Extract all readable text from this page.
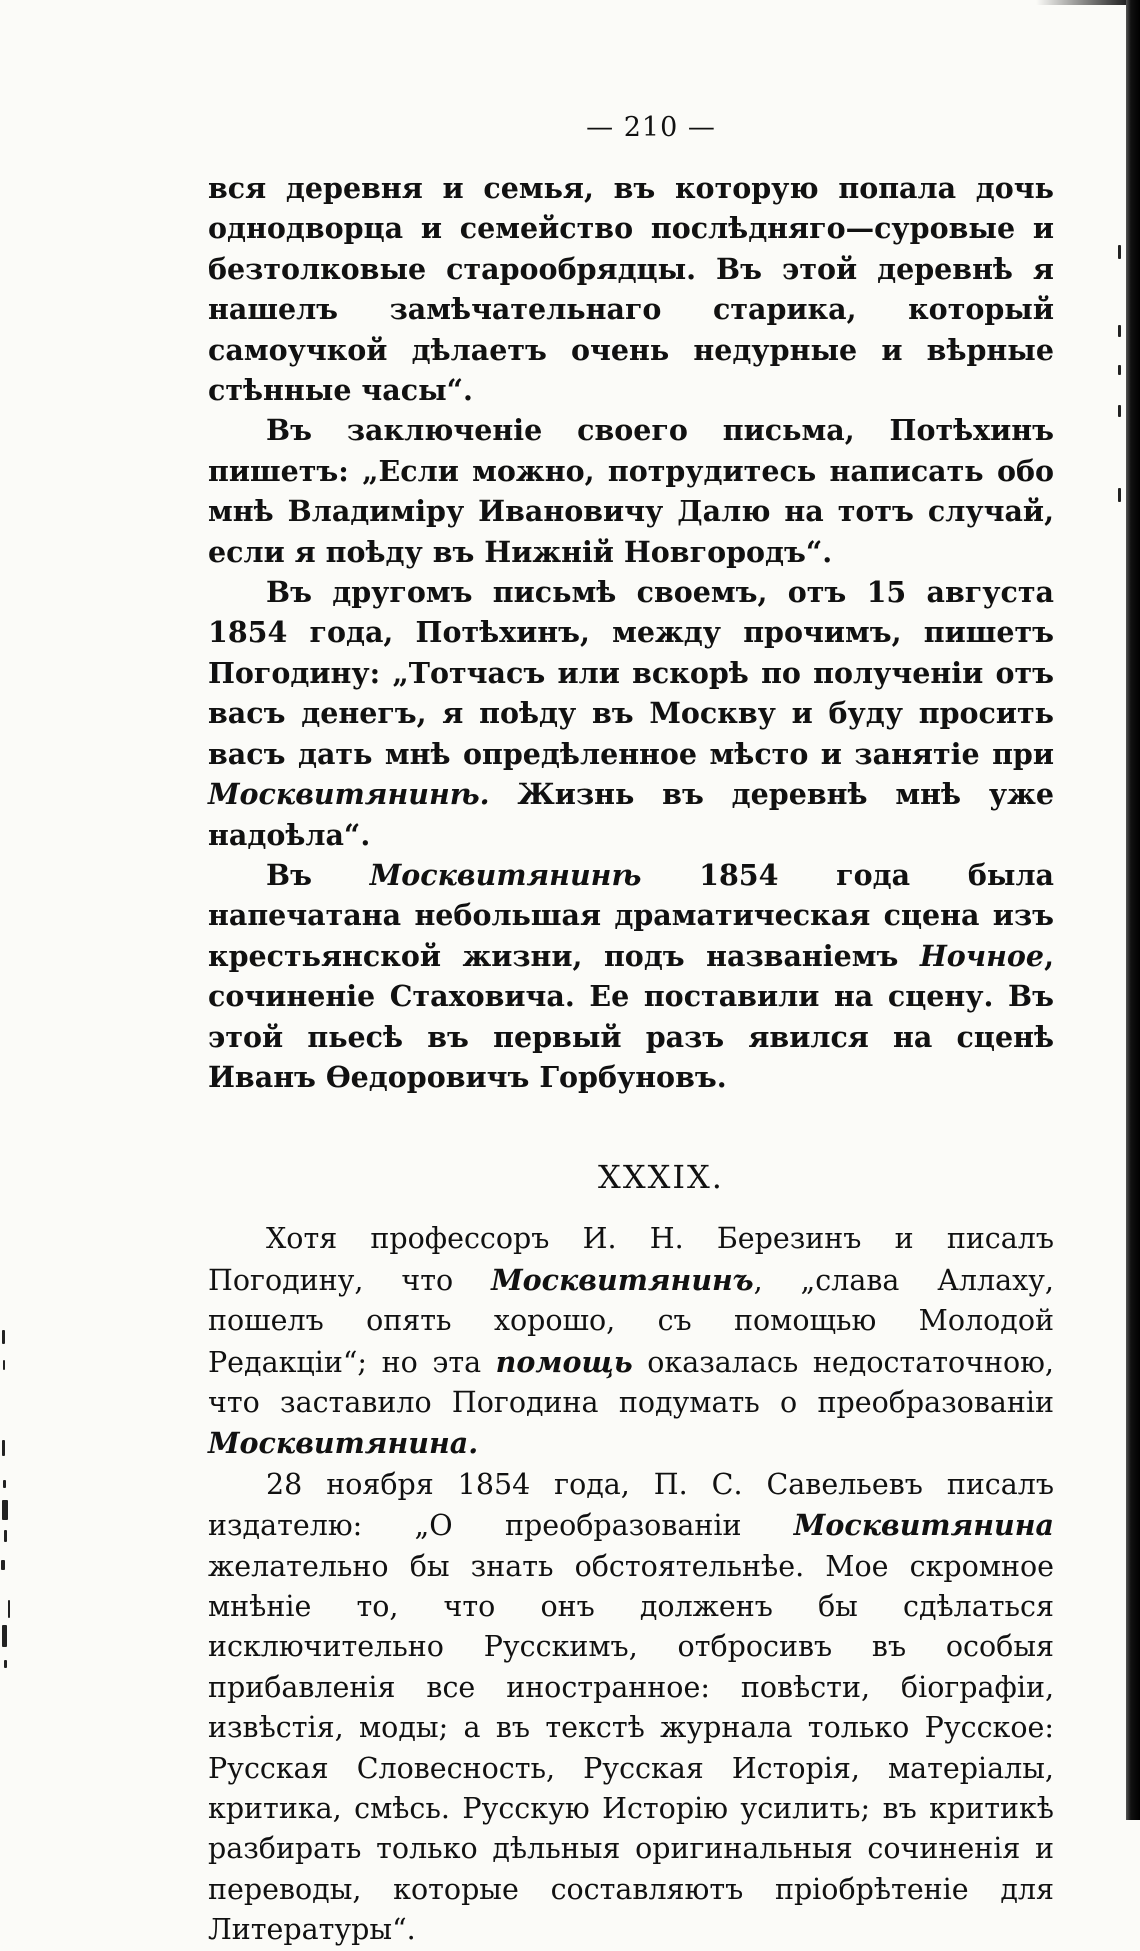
— 210 —

вся деревня и семья, въ которую попала дочь однодворца и семейство послѣдняго—суровые и безтолковые старообрядцы. Въ этой деревнѣ я нашелъ замѣчательнаго старика, который самоучкой дѣлаетъ очень недурные и вѣрные стѣнные часы“.

Въ заключеніе своего письма, Потѣхинъ пишетъ: „Если можно, потрудитесь написать обо мнѣ Владиміру Ивановичу Далю на тотъ случай, если я поѣду въ Нижній Новгородъ“.

Въ другомъ письмѣ своемъ, отъ 15 августа 1854 года, Потѣхинъ, между прочимъ, пишетъ Погодину: „Тотчасъ или вскорѣ по полученіи отъ васъ денегъ, я поѣду въ Москву и буду просить васъ дать мнѣ опредѣленное мѣсто и занятіе при Москвитянинѣ. Жизнь въ деревнѣ мнѣ уже надоѣла“.

Въ Москвитянинѣ 1854 года была напечатана небольшая драматическая сцена изъ крестьянской жизни, подъ названіемъ Ночное, сочиненіе Стаховича. Ее поставили на сцену. Въ этой пьесѣ въ первый разъ явился на сценѣ Иванъ Ѳедоровичъ Горбуновъ.

XXXIX.

Хотя профессоръ И. Н. Березинъ и писалъ Погодину, что Москвитянинъ, „слава Аллаху, пошелъ опять хорошо, съ помощью Молодой Редакціи“; но эта помощь оказалась недостаточною, что заставило Погодина подумать о преобразованіи Москвитянина.

28 ноября 1854 года, П. С. Савельевъ писалъ издателю: „О преобразованіи Москвитянина желательно бы знать обстоятельнѣе. Мое скромное мнѣніе то, что онъ долженъ бы сдѣлаться исключительно Русскимъ, отбросивъ въ особыя прибавленія все иностранное: повѣсти, біографіи, извѣстія, моды; а въ текстѣ журнала только Русское: Русская Словесность, Русская Исторія, матеріалы, критика, смѣсь. Русскую Исторію усилить; въ критикѣ разбирать только дѣльныя оригинальныя сочиненія и переводы, которые составляютъ пріобрѣтеніе для Литературы“.
